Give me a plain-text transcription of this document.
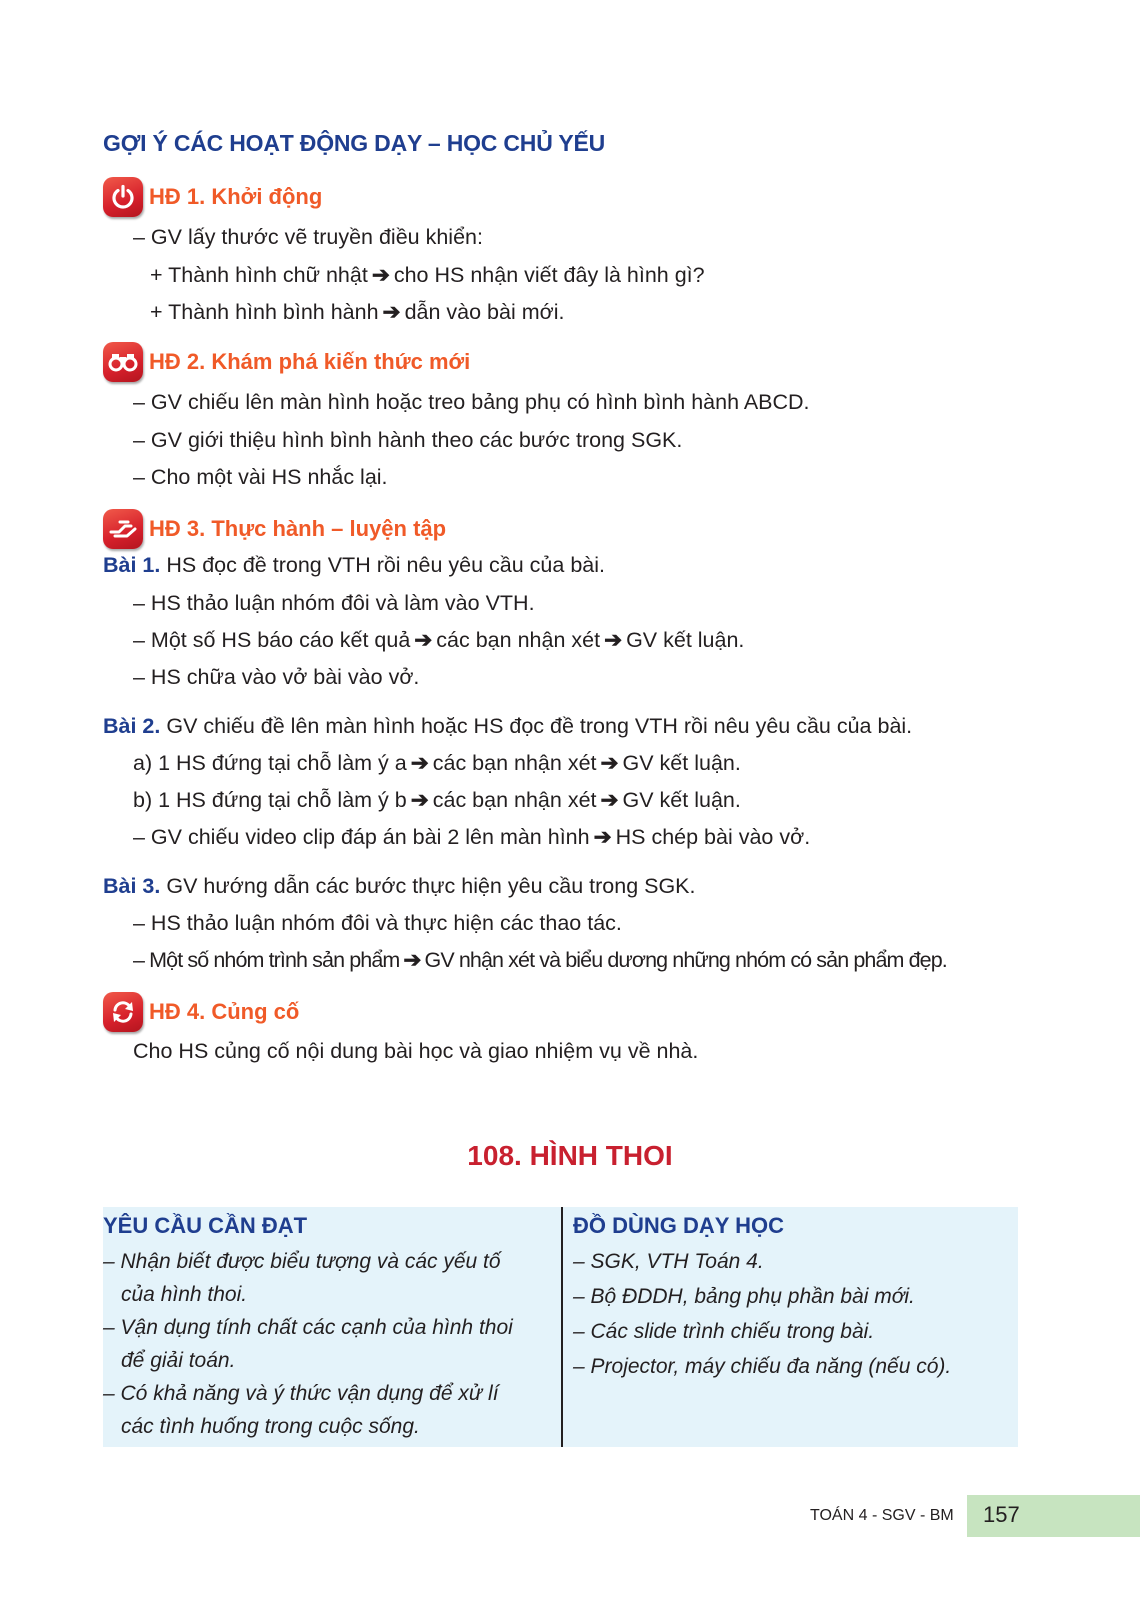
GỢI Ý CÁC HOẠT ĐỘNG DẠY – HỌC CHỦ YẾU
HĐ 1. Khởi động
– GV lấy thước vẽ truyền điều khiển:
+ Thành hình chữ nhật ➔ cho HS nhận viết đây là hình gì?
+ Thành hình bình hành ➔ dẫn vào bài mới.
HĐ 2. Khám phá kiến thức mới
– GV chiếu lên màn hình hoặc treo bảng phụ có hình bình hành ABCD.
– GV giới thiệu hình bình hành theo các bước trong SGK.
– Cho một vài HS nhắc lại.
HĐ 3. Thực hành – luyện tập
Bài 1. HS đọc đề trong VTH rồi nêu yêu cầu của bài.
– HS thảo luận nhóm đôi và làm vào VTH.
– Một số HS báo cáo kết quả ➔ các bạn nhận xét ➔ GV kết luận.
– HS chữa vào vở bài vào vở.
Bài 2. GV chiếu đề lên màn hình hoặc HS đọc đề trong VTH rồi nêu yêu cầu của bài.
a) 1 HS đứng tại chỗ làm ý a ➔ các bạn nhận xét ➔ GV kết luận.
b) 1 HS đứng tại chỗ làm ý b ➔ các bạn nhận xét ➔ GV kết luận.
– GV chiếu video clip đáp án bài 2 lên màn hình ➔ HS chép bài vào vở.
Bài 3. GV hướng dẫn các bước thực hiện yêu cầu trong SGK.
– HS thảo luận nhóm đôi và thực hiện các thao tác.
– Một số nhóm trình sản phẩm ➔ GV nhận xét và biểu dương những nhóm có sản phẩm đẹp.
HĐ 4. Củng cố
Cho HS củng cố nội dung bài học và giao nhiệm vụ về nhà.
108. HÌNH THOI
YÊU CẦU CẦN ĐẠT
– Nhận biết được biểu tượng và các yếu tố
của hình thoi.
– Vận dụng tính chất các cạnh của hình thoi
để giải toán.
– Có khả năng và ý thức vận dụng để xử lí
các tình huống trong cuộc sống.
ĐỒ DÙNG DẠY HỌC
– SGK, VTH Toán 4.
– Bộ ĐDDH, bảng phụ phần bài mới.
– Các slide trình chiếu trong bài.
– Projector, máy chiếu đa năng (nếu có).
TOÁN 4 - SGV - BM 157
